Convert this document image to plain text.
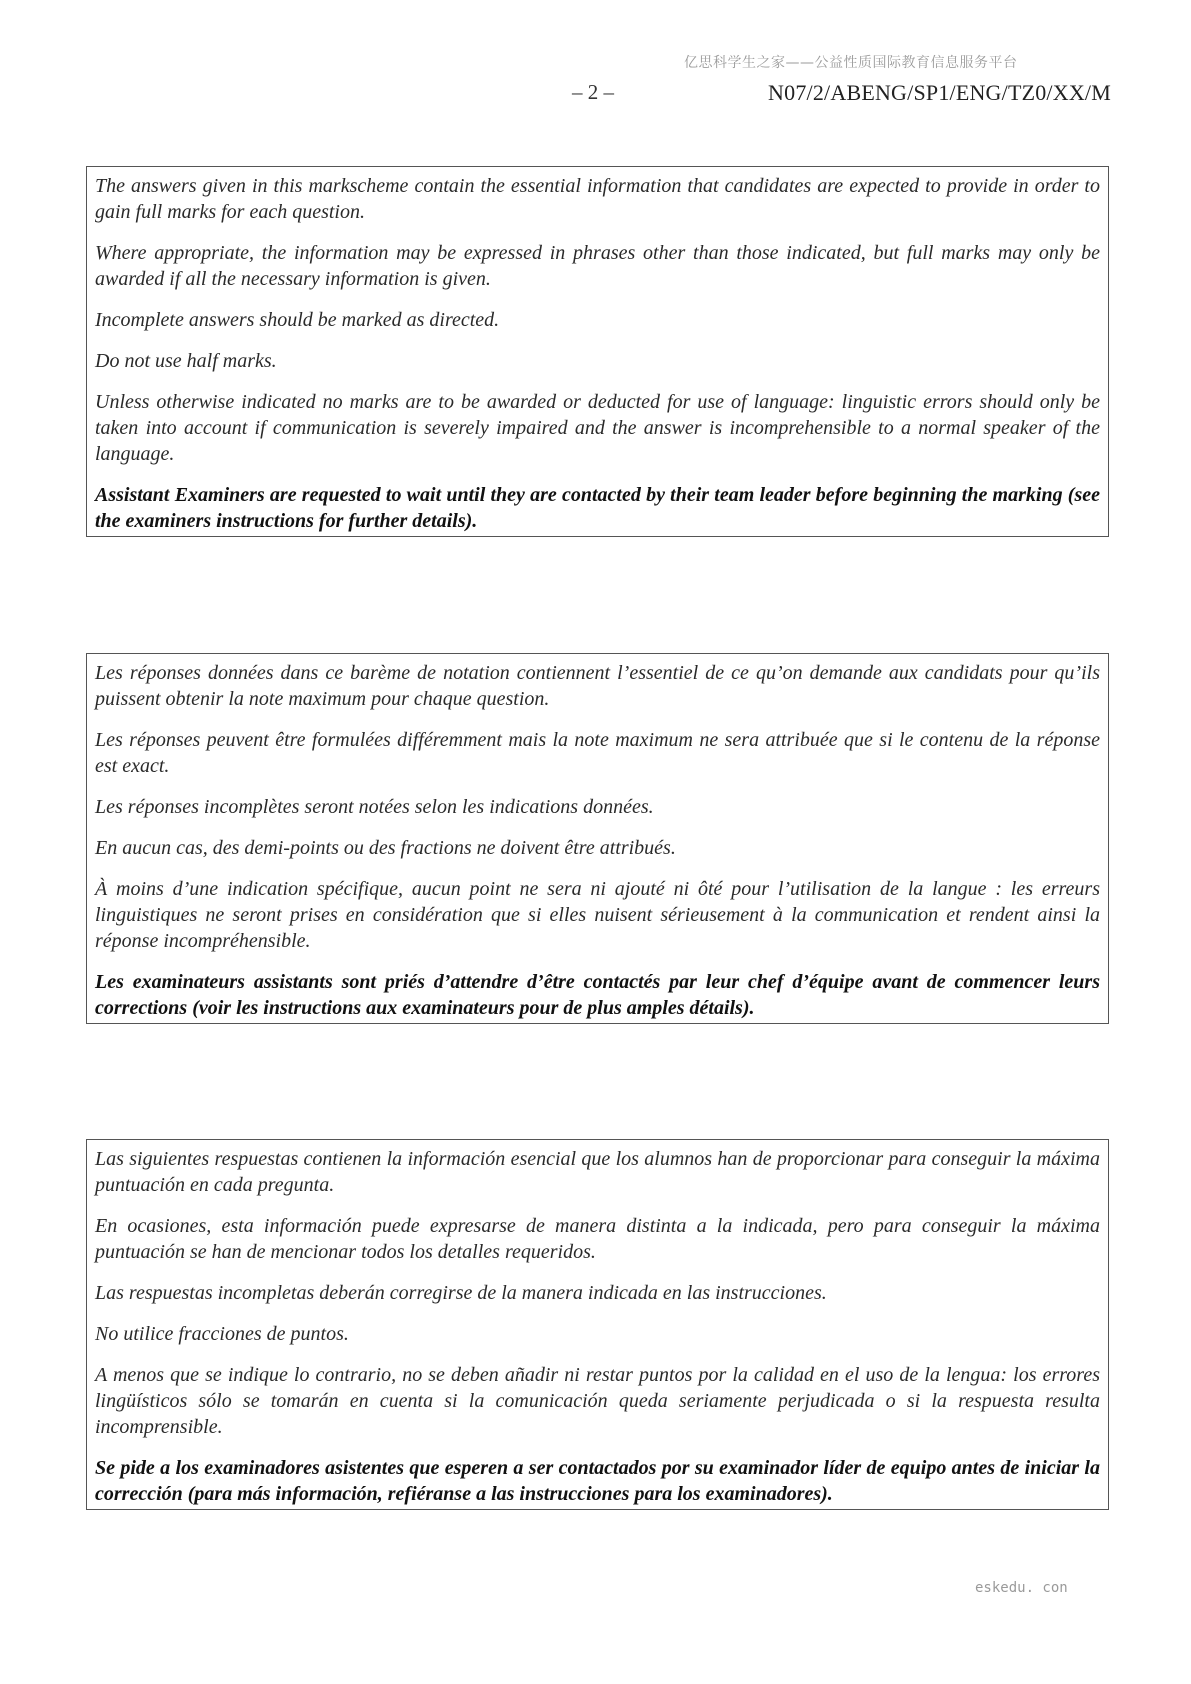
亿思科学生之家——公益性质国际教育信息服务平台
– 2 –	N07/2/ABENG/SP1/ENG/TZ0/XX/M

The answers given in this markscheme contain the essential information that candidates are expected to provide in order to gain full marks for each question.

Where appropriate, the information may be expressed in phrases other than those indicated, but full marks may only be awarded if all the necessary information is given.

Incomplete answers should be marked as directed.

Do not use half marks.

Unless otherwise indicated no marks are to be awarded or deducted for use of language: linguistic errors should only be taken into account if communication is severely impaired and the answer is incomprehensible to a normal speaker of the language.

Assistant Examiners are requested to wait until they are contacted by their team leader before beginning the marking (see the examiners instructions for further details).

Les réponses données dans ce barème de notation contiennent l’essentiel de ce qu’on demande aux candidats pour qu’ils puissent obtenir la note maximum pour chaque question.

Les réponses peuvent être formulées différemment mais la note maximum ne sera attribuée que si le contenu de la réponse est exact.

Les réponses incomplètes seront notées selon les indications données.

En aucun cas, des demi-points ou des fractions ne doivent être attribués.

À moins d’une indication spécifique, aucun point ne sera ni ajouté ni ôté pour l’utilisation de la langue : les erreurs linguistiques ne seront prises en considération que si elles nuisent sérieusement à la communication et rendent ainsi la réponse incompréhensible.

Les examinateurs assistants sont priés d’attendre d’être contactés par leur chef d’équipe avant de commencer leurs corrections (voir les instructions aux examinateurs pour de plus amples détails).

Las siguientes respuestas contienen la información esencial que los alumnos han de proporcionar para conseguir la máxima puntuación en cada pregunta.

En ocasiones, esta información puede expresarse de manera distinta a la indicada, pero para conseguir la máxima puntuación se han de mencionar todos los detalles requeridos.

Las respuestas incompletas deberán corregirse de la manera indicada en las instrucciones.

No utilice fracciones de puntos.

A menos que se indique lo contrario, no se deben añadir ni restar puntos por la calidad en el uso de la lengua: los errores lingüísticos sólo se tomarán en cuenta si la comunicación queda seriamente perjudicada o si la respuesta resulta incomprensible.

Se pide a los examinadores asistentes que esperen a ser contactados por su examinador líder de equipo antes de iniciar la corrección (para más información, refiéranse a las instrucciones para los examinadores).

eskedu. con
